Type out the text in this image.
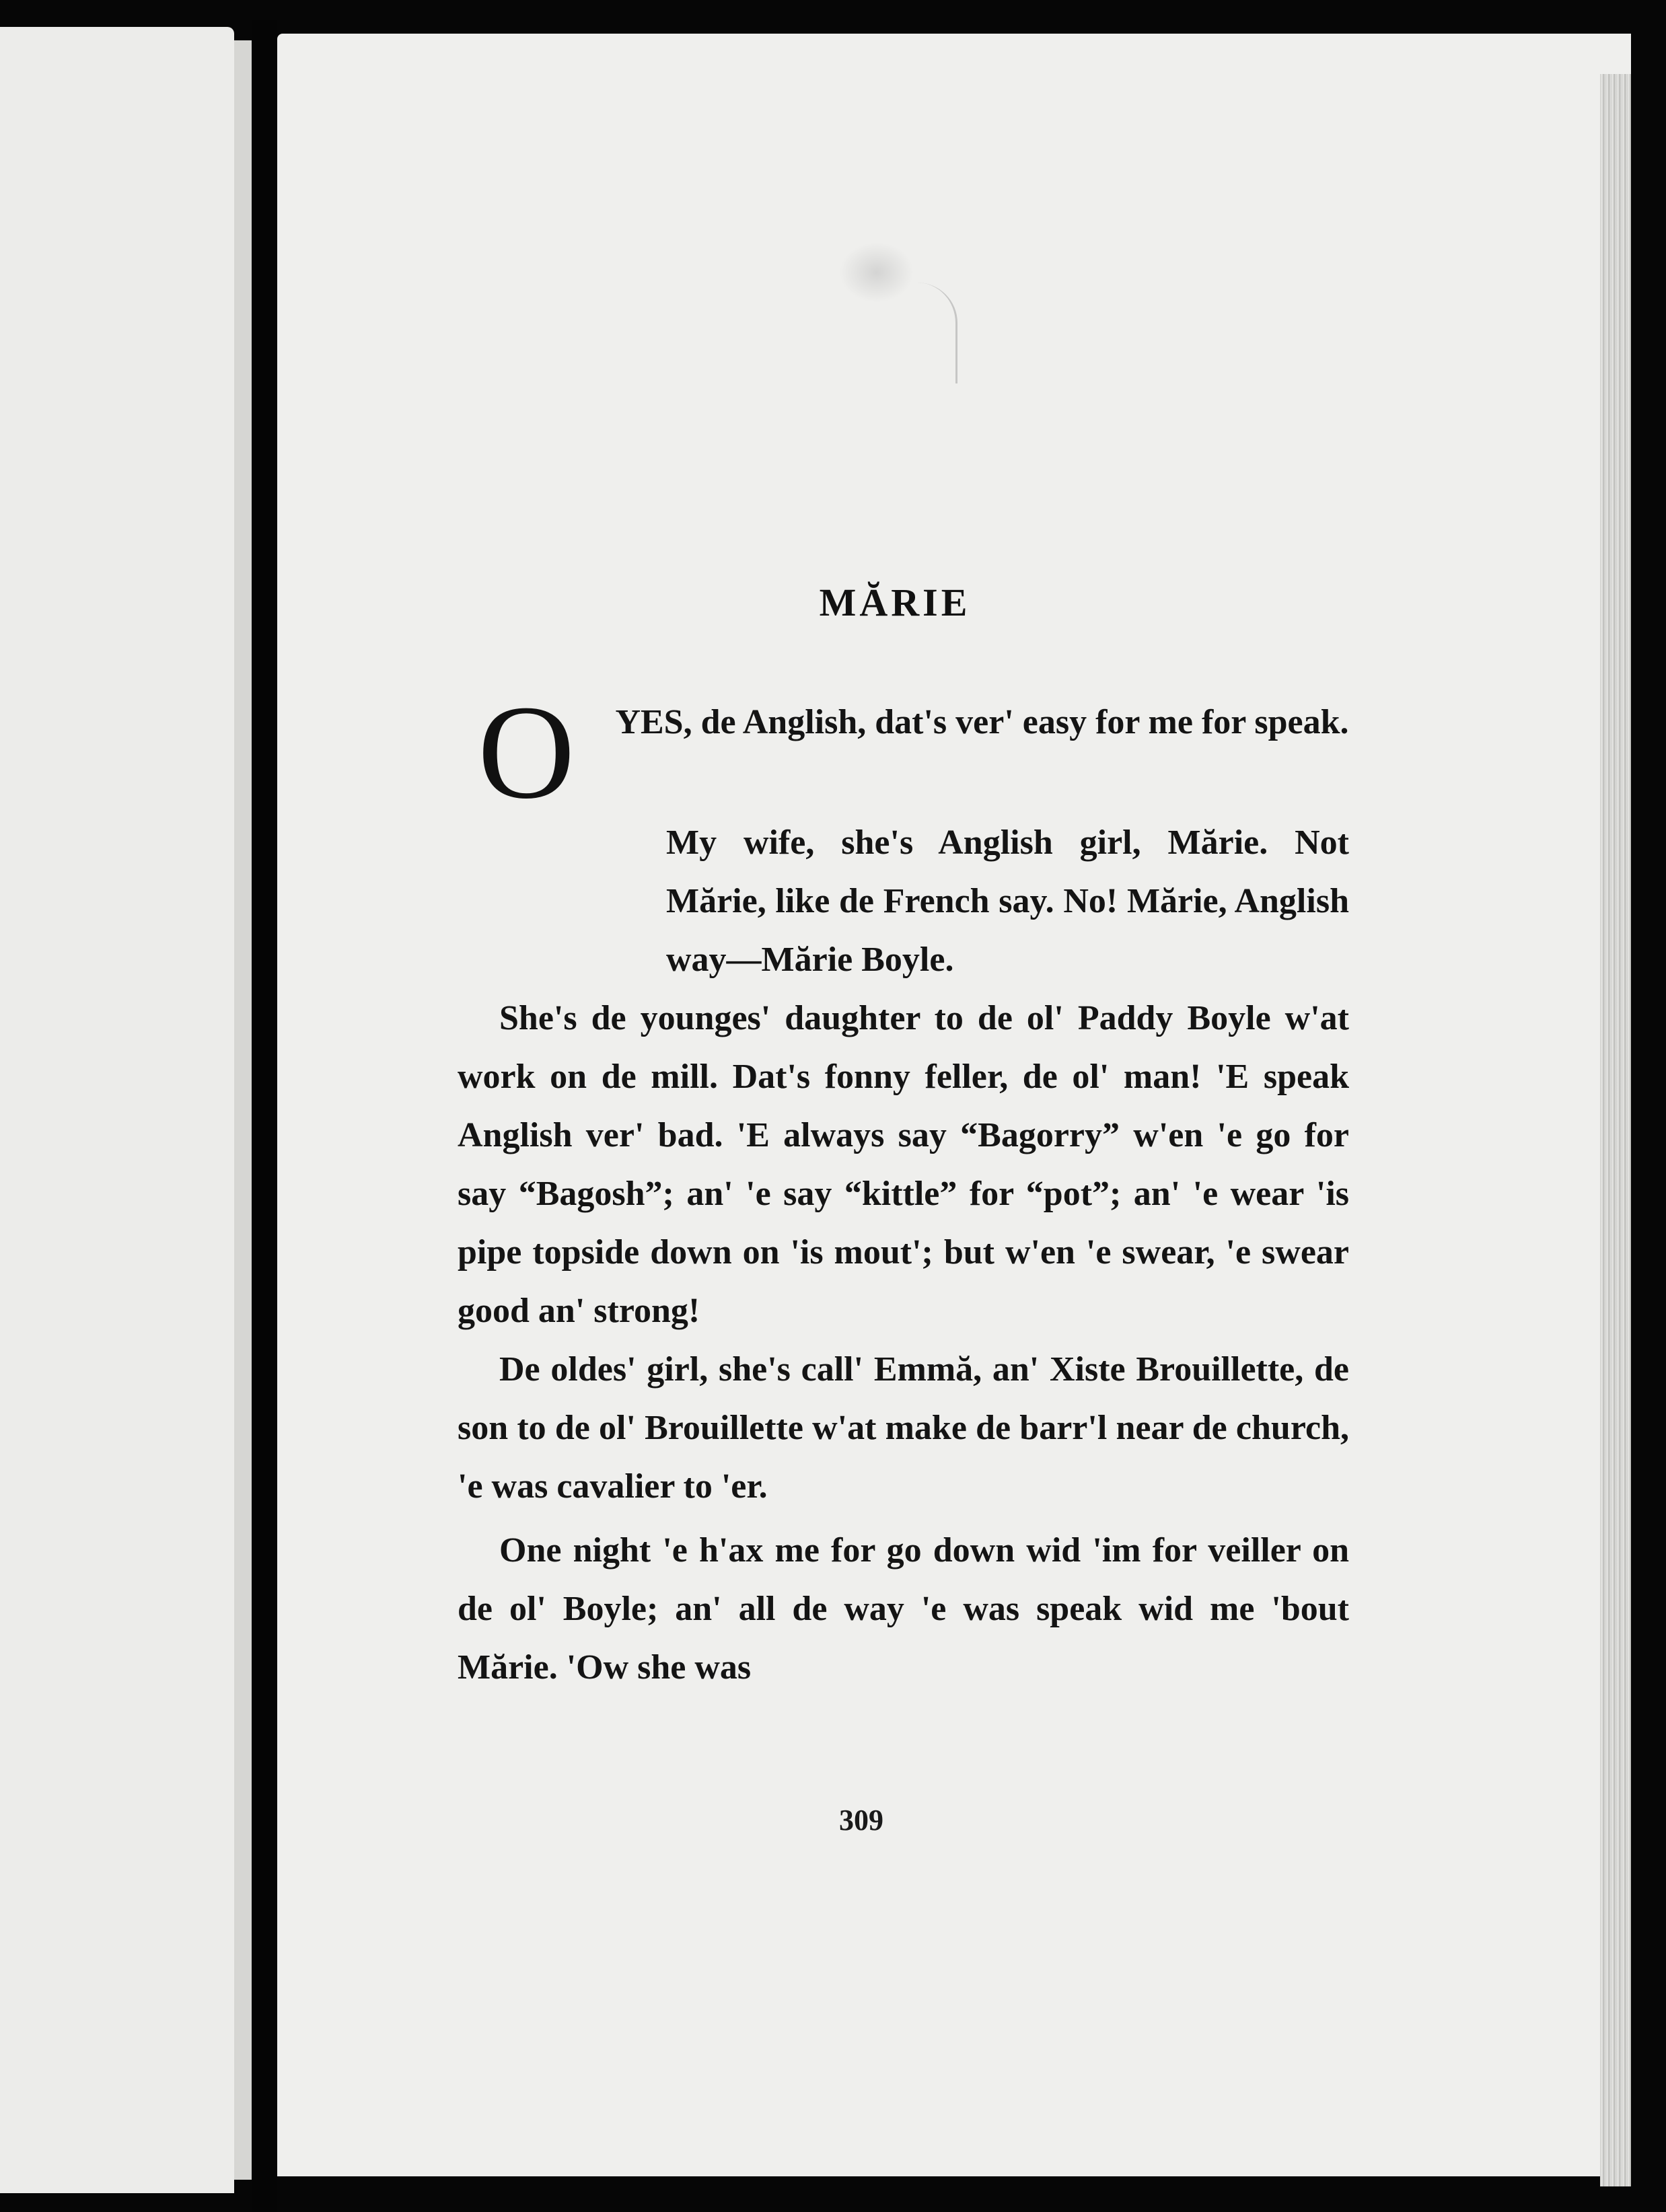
MĂRIE
O	YES, de Anglish, dat's ver' easy for me for speak.

My wife, she's Anglish girl, Mărie. Not Mărie, like de French say. No! Mărie, Anglish way—Mărie Boyle.

She's de younges' daughter to de ol' Paddy Boyle w'at work on de mill. Dat's fonny feller, de ol' man! 'E speak Anglish ver' bad. 'E always say “Bagorry” w'en 'e go for say “Bagosh”; an' 'e say “kittle” for “pot”; an' 'e wear 'is pipe topside down on 'is mout'; but w'en 'e swear, 'e swear good an' strong!

De oldes' girl, she's call' Emmă, an' Xiste Brouillette, de son to de ol' Brouillette w'at make de barr'l near de church, 'e was cavalier to 'er.

One night 'e h'ax me for go down wid 'im for veiller on de ol' Boyle; an' all de way 'e was speak wid me 'bout Mărie. 'Ow she was

309
